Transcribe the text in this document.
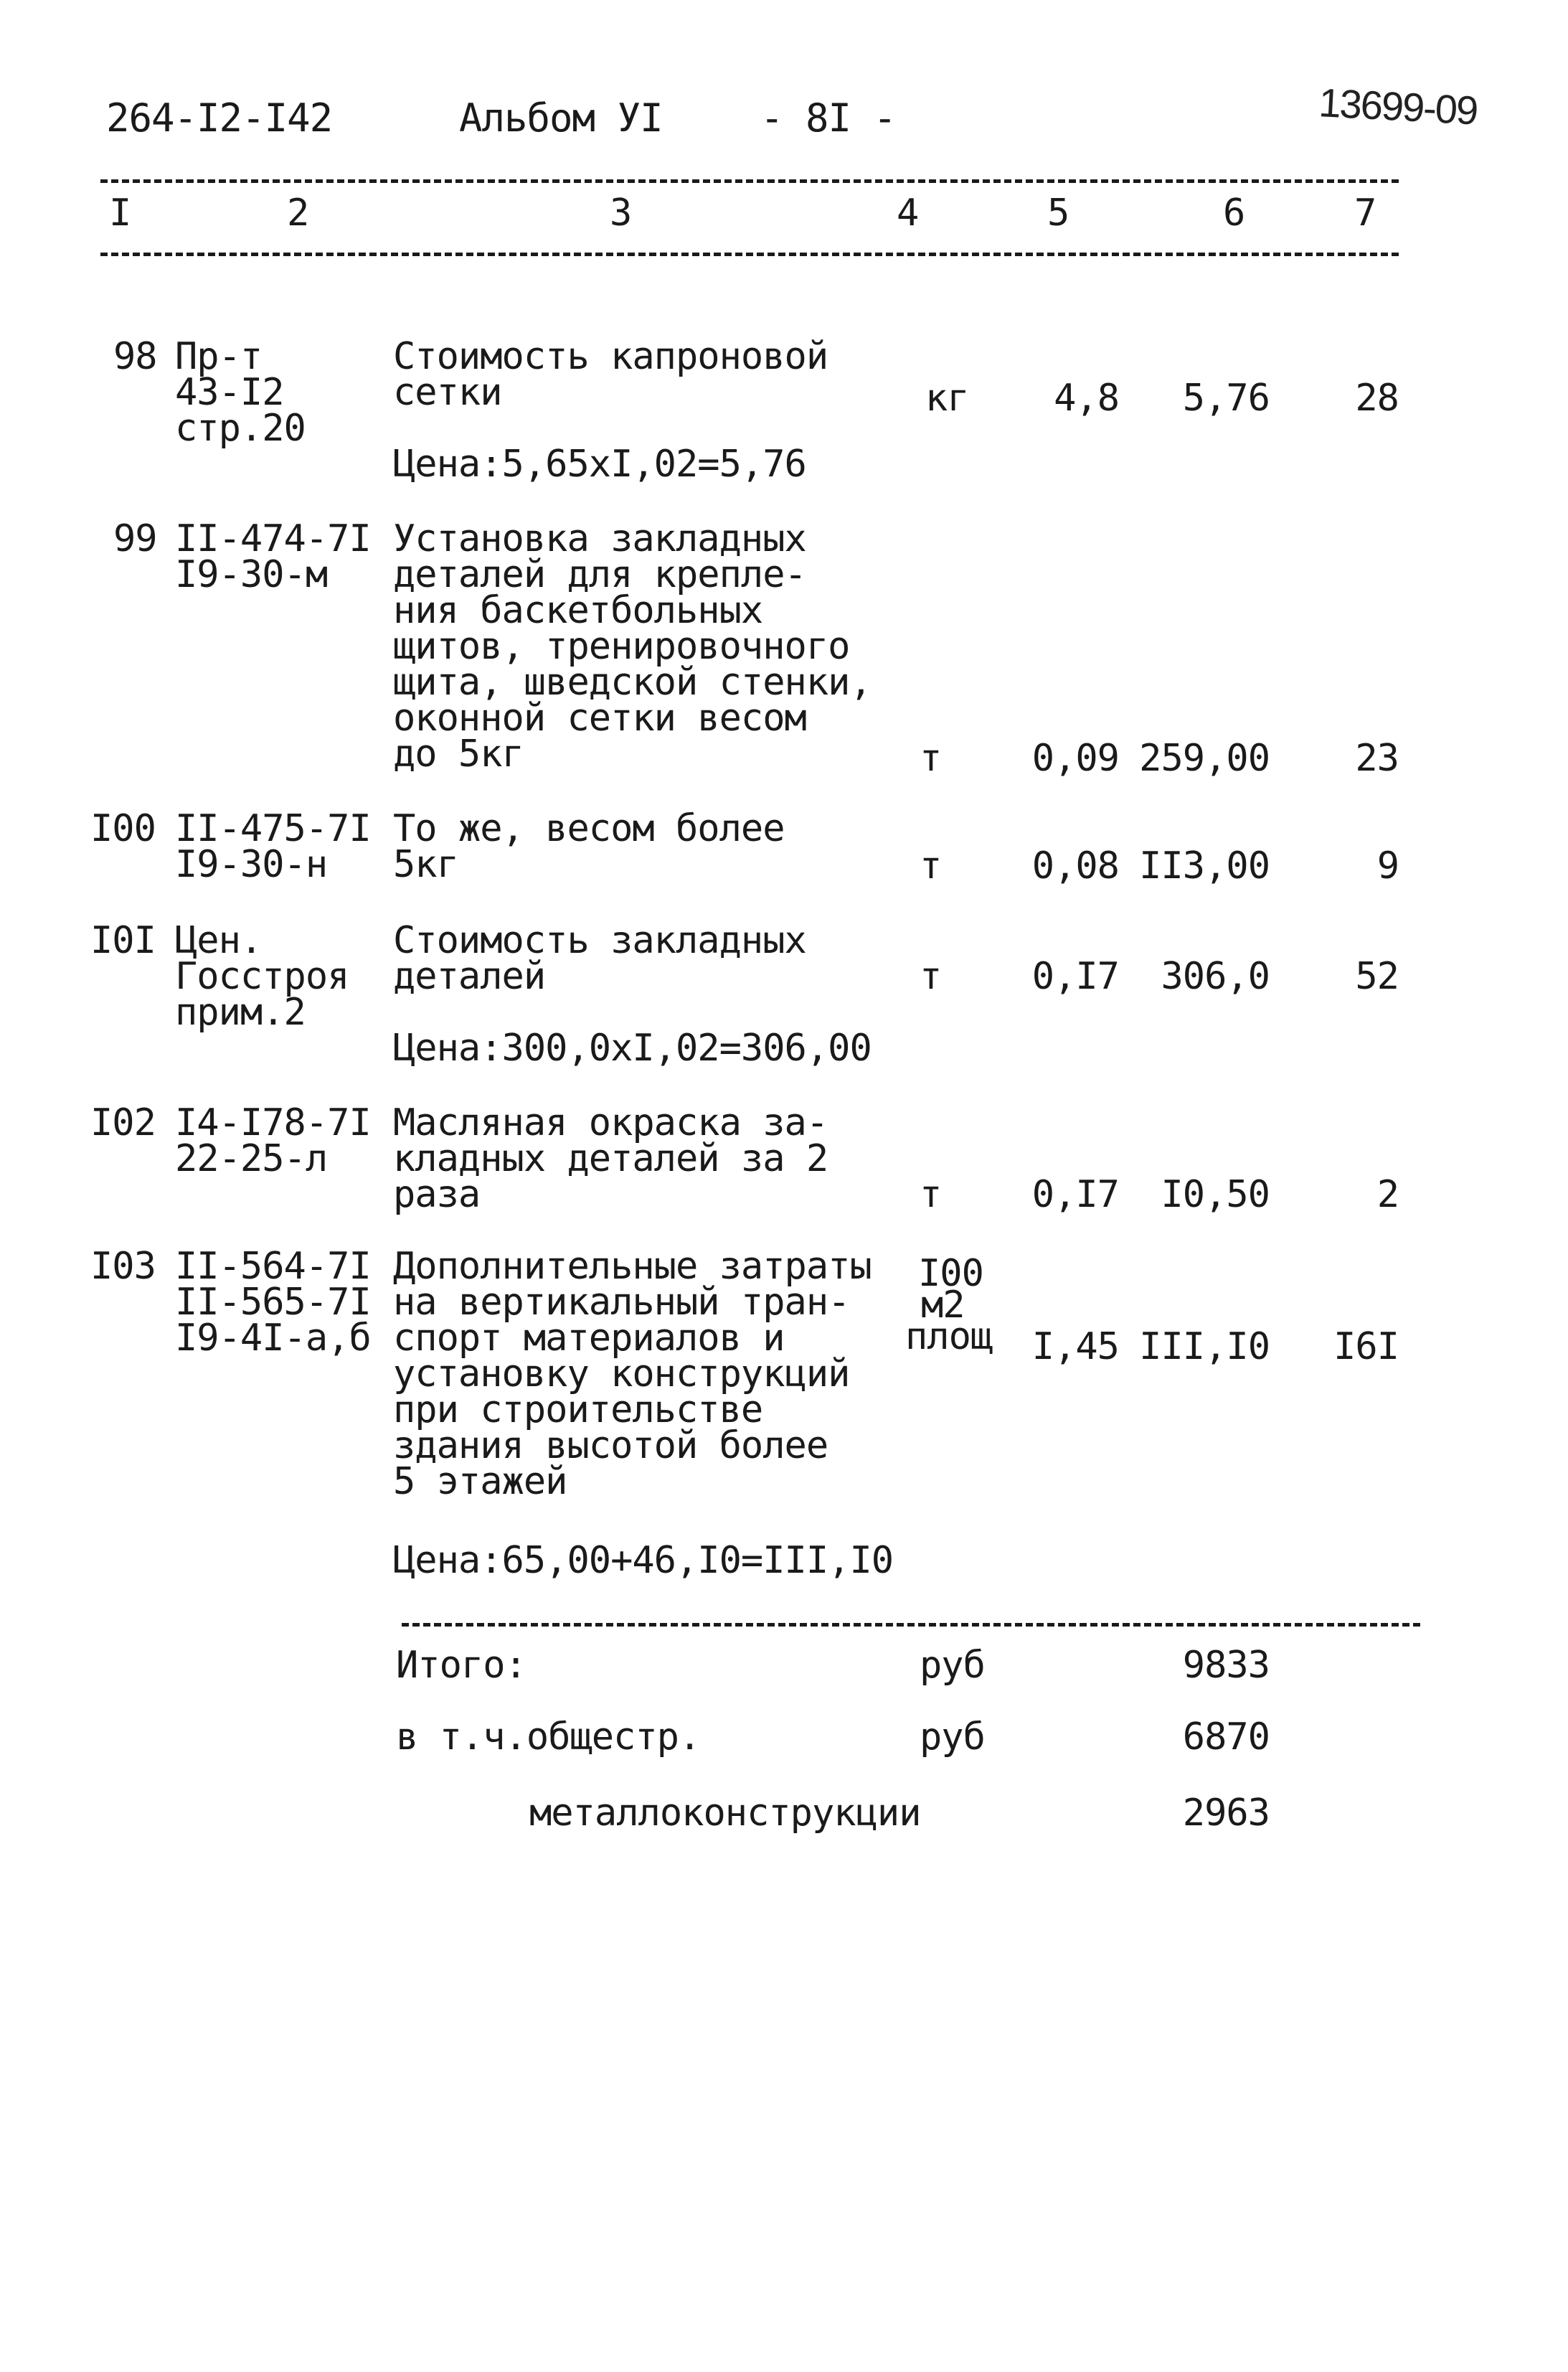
264-I2-I42	Альбом УI	- 8I -	13699-09
I	2	3	4	5	6	7
98 Пр-т
43-I2
стр.20
Стоимость капроновой
сетки
Цена:5,65хI,02=5,76
кг	4,8	5,76	28
99 II-474-7I
I9-30-м
Установка закладных
деталей для крепле-
ния баскетбольных
щитов, тренировочного
щита, шведской стенки,
оконной сетки весом
до 5кг	т	0,09 259,00	23
I00 II-475-7I
I9-30-н
То же, весом более
5кг	т	0,08 II3,00	9
I0I Цен.
Госстроя
прим.2
Стоимость закладных
деталей
Цена:300,0хI,02=306,00
т	0,I7	306,0	52
I02 I4-I78-7I
22-25-л
Масляная окраска за-
кладных деталей за 2
раза	т	0,I7	I0,50	2
I03 II-564-7I
II-565-7I
I9-4I-а,б
Дополнительные затраты
на вертикальный тран-
спорт материалов и
установку конструкций
при строительстве
здания высотой более
5 этажей
I00
м2
площ	I,45 III,I0	I6I
Цена:65,00+46,I0=III,I0
Итого:	руб	9833
в т.ч.общестр.	руб	6870
металлоконструкции	2963
